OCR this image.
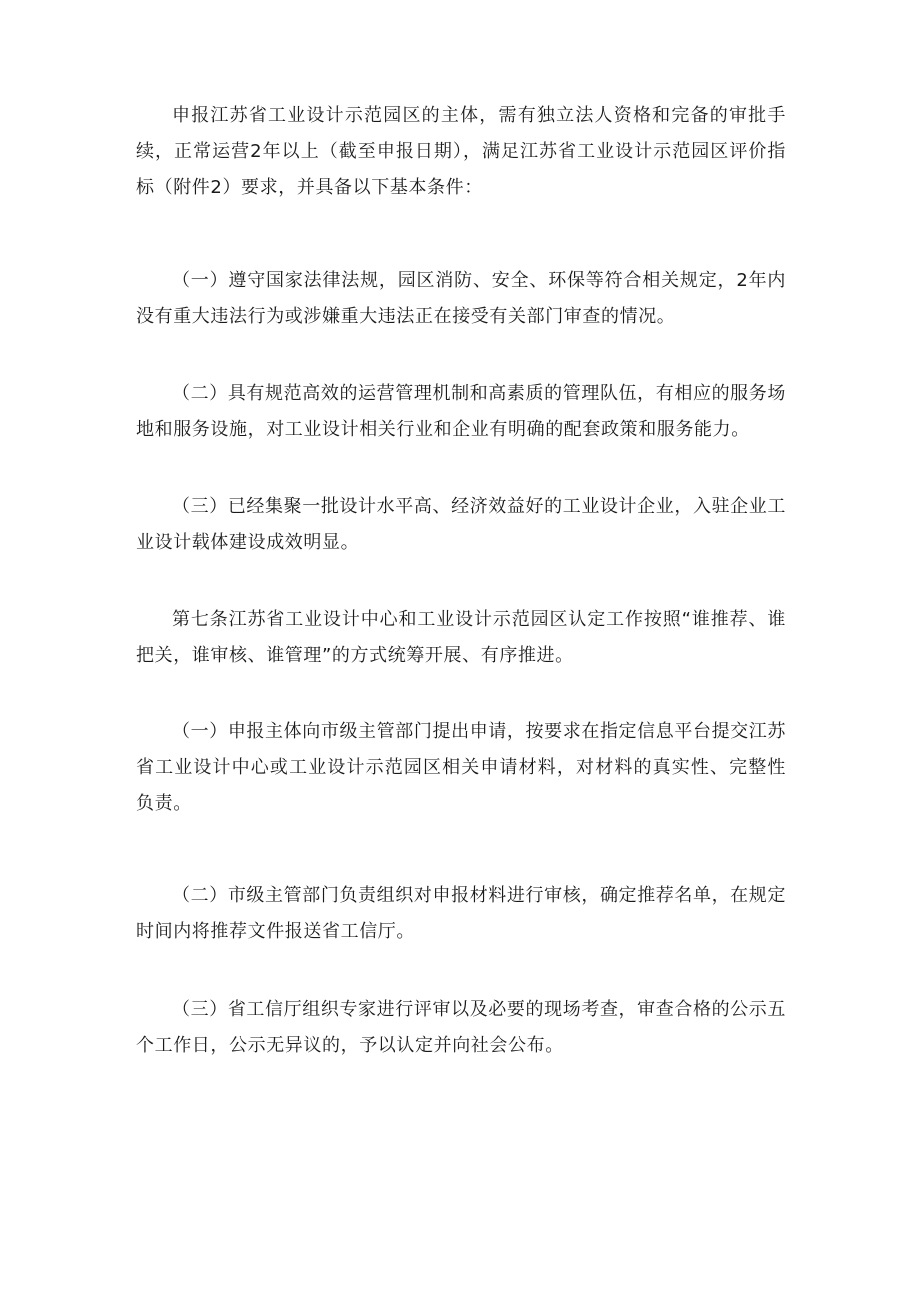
申报江苏省工业设计示范园区的主体，需有独立法人资格和完备的审批手续，正常运营2年以上（截至申报日期），满足江苏省工业设计示范园区评价指标（附件2）要求，并具备以下基本条件：

（一）遵守国家法律法规，园区消防、安全、环保等符合相关规定，2年内没有重大违法行为或涉嫌重大违法正在接受有关部门审查的情况。

（二）具有规范高效的运营管理机制和高素质的管理队伍，有相应的服务场地和服务设施，对工业设计相关行业和企业有明确的配套政策和服务能力。

（三）已经集聚一批设计水平高、经济效益好的工业设计企业，入驻企业工业设计载体建设成效明显。

第七条江苏省工业设计中心和工业设计示范园区认定工作按照“谁推荐、谁把关，谁审核、谁管理”的方式统筹开展、有序推进。

（一）申报主体向市级主管部门提出申请，按要求在指定信息平台提交江苏省工业设计中心或工业设计示范园区相关申请材料，对材料的真实性、完整性负责。

（二）市级主管部门负责组织对申报材料进行审核，确定推荐名单，在规定时间内将推荐文件报送省工信厅。

（三）省工信厅组织专家进行评审以及必要的现场考查，审查合格的公示五个工作日，公示无异议的，予以认定并向社会公布。
